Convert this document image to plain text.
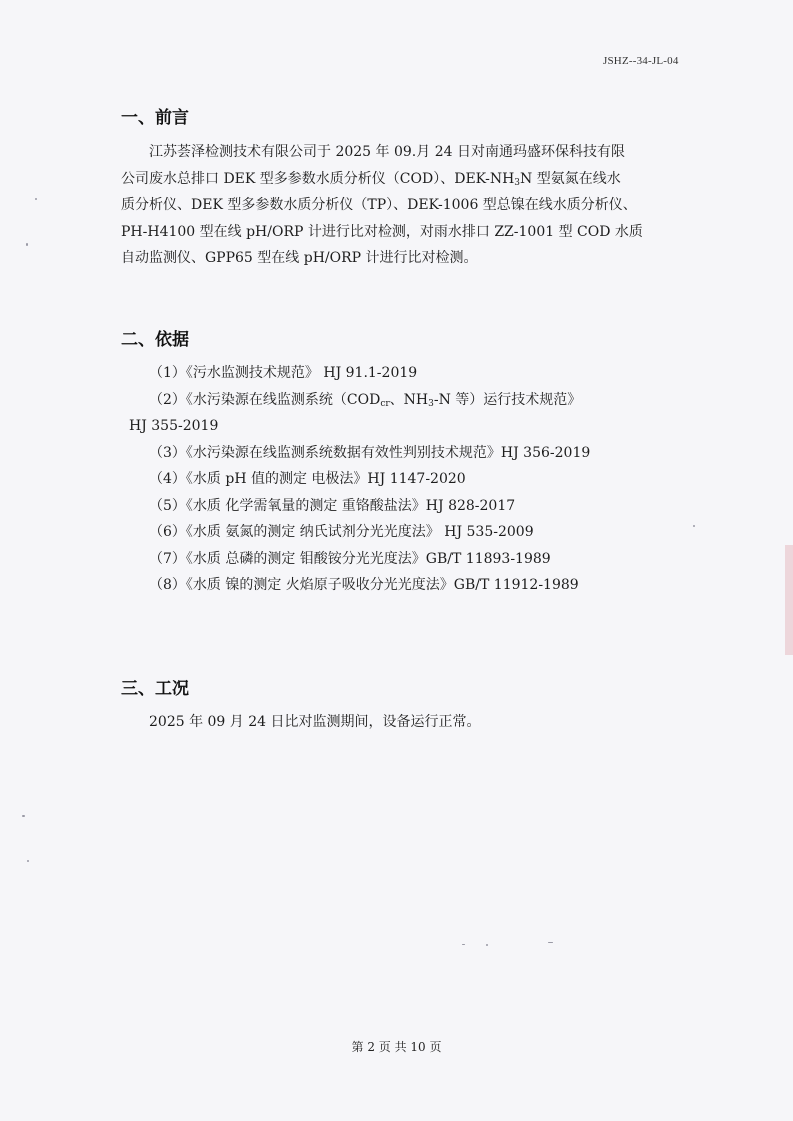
JSHZ--34-JL-04
一、前言
江苏荟泽检测技术有限公司于 2025 年 09.月 24 日对南通玛盛环保科技有限
公司废水总排口 DEK 型多参数水质分析仪（COD）、DEK-$NH_3N$ 型氨氮在线水
质分析仪、DEK 型多参数水质分析仪（TP）、DEK-1006 型总镍在线水质分析仪、
PH-H4100 型在线 pH/ORP 计进行比对检测，对雨水排口 ZZ-1001 型 COD 水质
自动监测仪、GPP65 型在线 pH/ORP 计进行比对检测。
二、依据
（1）《污水监测技术规范》 HJ 91.1-2019
（2）《水污染源在线监测系统（$COD_{cr}$、$NH_3-N$ 等）运行技术规范》
HJ 355-2019
（3）《水污染源在线监测系统数据有效性判别技术规范》HJ 356-2019
（4）《水质 pH 值的测定 电极法》HJ 1147-2020
（5）《水质 化学需氧量的测定 重铬酸盐法》HJ 828-2017
（6）《水质 氨氮的测定 纳氏试剂分光光度法》 HJ 535-2009
（7）《水质 总磷的测定 钼酸铵分光光度法》GB/T 11893-1989
（8）《水质 镍的测定 火焰原子吸收分光光度法》GB/T 11912-1989
三、工况
2025 年 09 月 24 日比对监测期间，设备运行正常。
第 2 页 共 10 页
